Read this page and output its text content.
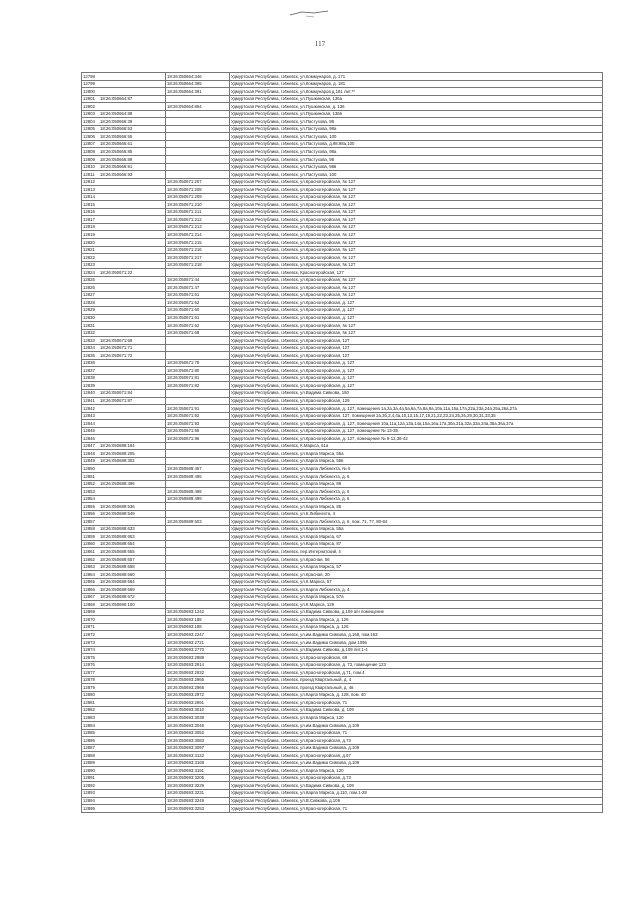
117
12798	18:26:050664:346	Удмуртская Республика, г.Ижевск, ул.Коммунаров, д. 171
12799	18:26:050664:395	Удмуртская Республика, г.Ижевск, ул.Коммунаров, д. 181
12800	18:26:050664:391	Удмуртская Республика, г.Ижевск, ул.Коммунаров д.181 лит.**
12801 18:26:050664:87		Удмуртская Республика, г.Ижевск, ул.Пушкинская, 136а
12802	18:26:050664:864	Удмуртская Республика, г.Ижевск, ул.Пушкинская, д. 136
12803 18:26:050664:88		Удмуртская Республика, г.Ижевск, ул.Пушкинская, 136в
12804 18:26:050666:39		Удмуртская Республика, г.Ижевск, ул.Пастухова, 98
12805 18:26:050666:53		Удмуртская Республика, г.Ижевск, ул.Пастухова, 98а
12806 18:26:050666:55		Удмуртская Республика, г.Ижевск, ул.Пастухова, 100
12807 18:26:050666:61		Удмуртская Республика, г.Ижевск, ул.Пастухова, д.98,98а,100
12808 18:26:050666:85		Удмуртская Республика, г.Ижевск, ул.Пастухова, 98а
12809 18:26:050666:89		Удмуртская Республика, г.Ижевск, ул.Пастухова, 98
12810 18:26:050666:91		Удмуртская Республика, г.Ижевск, ул.Пастухова, 98в
12811 18:26:050666:93		Удмуртская Республика, г.Ижевск, ул.Пастухова, 100
12812	18:26:050671:207	Удмуртская Республика, г.Ижевск, ул.Красногеройская, № 127
12813	18:26:050671:208	Удмуртская Республика, г.Ижевск, ул.Красногеройская, № 127
12814	18:26:050671:209	Удмуртская Республика, г.Ижевск, ул.Красногеройская, № 127
12815	18:26:050671:210	Удмуртская Республика, г.Ижевск, ул.Красногеройская, № 127
12816	18:26:050671:211	Удмуртская Республика, г.Ижевск, ул.Красногеройская, № 127
12817	18:26:050671:212	Удмуртская Республика, г.Ижевск, ул.Красногеройская, № 127
12818	18:26:050671:213	Удмуртская Республика, г.Ижевск, ул.Красногеройская, № 127
12819	18:26:050671:214	Удмуртская Республика, г.Ижевск, ул.Красногеройская, № 127
12820	18:26:050671:215	Удмуртская Республика, г.Ижевск, ул.Красногеройская, № 127
12821	18:26:050671:216	Удмуртская Республика, г.Ижевск, ул.Красногеройская, № 127
12822	18:26:050671:217	Удмуртская Республика, г.Ижевск, ул.Красногеройская, № 127
12823	18:26:050671:218	Удмуртская Республика, г.Ижевск, ул.Красногеройская, № 127
12824 18:26:050671:22		Удмуртская Республика, г.Ижевск, Красногеройская, 127
12825	18:26:050671:44	Удмуртская Республика, г.Ижевск, ул.Красногеройская, № 127
12826	18:26:050671:47	Удмуртская Республика, г.Ижевск, ул.Красногеройская, № 127
12827	18:26:050671:51	Удмуртская Республика, г.Ижевск, ул.Красногеройская, № 127
12828	18:26:050671:52	Удмуртская Республика, г.Ижевск, ул.Красногеройская, д. 127
12829	18:26:050671:60	Удмуртская Республика, г.Ижевск, ул.Красногеройская, д. 127
12830	18:26:050671:61	Удмуртская Республика, г.Ижевск, ул.Красногеройская, д. 127
12831	18:26:050671:62	Удмуртская Республика, г.Ижевск, ул.Красногеройская, № 127
12832	18:26:050671:68	Удмуртская Республика, г.Ижевск, ул.Красногеройская, № 127
12833 18:26:050671:69		Удмуртская Республика, г.Ижевск, ул.Красногеройская, 127
12834 18:26:050671:71		Удмуртская Республика, г.Ижевск, ул.Красногеройская, 127
12835 18:26:050671:72		Удмуртская Республика, г.Ижевск, ул.Красногеройская, 127
12836	18:26:050671:78	Удмуртская Республика, г.Ижевск, ул.Красногеройская, д. 127
12837	18:26:050671:80	Удмуртская Республика, г.Ижевск, ул.Красногеройская, д. 127
12838	18:26:050671:81	Удмуртская Республика, г.Ижевск, ул.Красногеройская, д. 127
12839	18:26:050671:82	Удмуртская Республика, г.Ижевск, ул.Красногеройская, д. 127
12840 18:26:050671:84		Удмуртская Республика, г.Ижевск, ул.Вадима Сивкова, 150
12841 18:26:050671:87		Удмуртская Республика, г.Ижевск, ул.Красногеройская, 129
12842	18:26:050671:91	Удмуртская Республика, г.Ижевск, ул.Красногеройская, д. 127, помещения 1а,2а,3а,4а,5а,6а,7а,8а,9а,10а,11а,15а,17а,22а,23а,24а,25а,26а,27а
12843	18:26:050671:92	Удмуртская Республика, г.Ижевск, ул.Красногеройская, 127, помещения 2а,3б,3,4,4а,10,13,15,17,19,21,22,23,24,25,26,29,30,31,33,35
12844	18:26:050671:93	Удмуртская Республика, г.Ижевск, ул.Красногеройская, д. 127, помещения 10а,11а,12а,13а,14а,15а,16а,17а,30а,31а,32а,33а,34а,35а,36а,37а
12845	18:26:050671:95	Удмуртская Республика, г.Ижевск, ул.Красногеройская, д. 127, помещение № 13-35
12846	18:26:050671:96	Удмуртская Республика, г.Ижевск, ул.Красногеройская, д. 127, помещение № 9-12,36-42
12847 18:26:050689:184		Удмуртская Республика, г.Ижевск, К.Маркса, 61а
12848 18:26:050689:205		Удмуртская Республика, г.Ижевск, ул.Карла Маркса, 55а
12849 18:26:050689:302		Удмуртская Республика, г.Ижевск, ул.Карла Маркса, 55в
12850	18:26:050689:457	Удмуртская Республика, г.Ижевск, ул.Карла Либкнехта, № 6
12851	18:26:050689:495	Удмуртская Республика, г.Ижевск, ул.Карла Либкнехта, д. 6
12852 18:26:050689:496		Удмуртская Республика, г.Ижевск, ул.Карла Маркса, 89
12853	18:26:050689:498	Удмуртская Республика, г.Ижевск, ул.Карла Либкнехта, д. 6
12854	18:26:050689:499	Удмуртская Республика, г.Ижевск, ул.Карла Либкнехта, д. 6
12855 18:26:050689:536		Удмуртская Республика, г.Ижевск, ул.Карла Маркса, 85
12856 18:26:050689:549		Удмуртская Республика, г.Ижевск, ул.К.Либкнехта, 4
12857	18:26:050689:603	Удмуртская Республика, г.Ижевск, ул.Карла Либкнехта, д. 6, пом. 71, 77, 80-84
12858 18:26:050689:633		Удмуртская Республика, г.Ижевск, ул.Карла Маркса, 55а
12859 18:26:050689:653		Удмуртская Республика, г.Ижевск, ул.Карла Маркса, 67
12860 18:26:050689:654		Удмуртская Республика, г.Ижевск, ул.Карла Маркса, 87
12861 18:26:050689:655		Удмуртская Республика, г.Ижевск, пер.Интернатский, 4
12862 18:26:050689:657		Удмуртская Республика, г.Ижевск, ул.Красная, 56
12863 18:26:050689:658		Удмуртская Республика, г.Ижевск, ул.Карла Маркса, 57
12864 18:26:050689:660		Удмуртская Республика, г.Ижевск, ул.Красная, 20
12865 18:26:050689:664		Удмуртская Республика, г.Ижевск, ул.К.Маркса, 57
12866 18:26:050689:669		Удмуртская Республика, г.Ижевск, ул.Карла Либкнехта, д. 4
12867 18:26:050689:672		Удмуртская Республика, г.Ижевск, ул.Карла Маркса, 57а
12868 18:26:050690:100		Удмуртская Республика, г.Ижевск, ул.К.Маркса, 129
12869	18:26:050693:1242	Удмуртская Республика, г.Ижевск, ул.Вадима Сивкова, д.109 а/н помещение
12870	18:26:050693:188	Удмуртская Республика, г.Ижевск, ул.Карла Маркса, д. 126
12871	18:26:050693:188	Удмуртская Республика, г.Ижевск, ул.Карла Маркса, д. 126
12872	18:26:050693:2247	Удмуртская Республика, г.Ижевск, ул.им.Вадима Сивкова, д.168, пом.163
12873	18:26:050693:2721	Удмуртская Республика, г.Ижевск, ул.им.Вадима Сивкова, дом 109в
12874	18:26:050693:2770	Удмуртская Республика, г.Ижевск, ул.Вадима Сивкова, д.109 лит.1-4
12875	18:26:050693:2888	Удмуртская Республика, г.Ижевск, ул.Красногеройская, 69
12876	18:26:050693:2914	Удмуртская Республика, г.Ижевск, ул.Красногеройская, д. 73, помещение 123
12877	18:26:050693:2932	Удмуртская Республика, г.Ижевск, ул.Красногеройская, д.71, пом.4
12878	18:26:050693:2965	Удмуртская Республика, г.Ижевск, проезд Квартальный, д. 4
12879	18:26:050693:2966	Удмуртская Республика, г.Ижевск, проезд Квартальный, д. 4в
12880	18:26:050693:2972	Удмуртская Республика, г.Ижевск, ул.Карла Маркса, д. 128, пом. 40
12881	18:26:050693:2991	Удмуртская Республика, г.Ижевск, ул.Красногеройская, 71
12882	18:26:050693:3010	Удмуртская Республика, г.Ижевск, ул.Вадима Сивкова, д. 109
12883	18:26:050693:3039	Удмуртская Республика, г.Ижевск, ул.Карла Маркса, 120
12884	18:26:050693:3046	Удмуртская Республика, г.Ижевск, ул.им.Вадима Сивкова, д.109
12885	18:26:050693:3052	Удмуртская Республика, г.Ижевск, ул.Красногеройская, 71
12886	18:26:050693:3083	Удмуртская Республика, г.Ижевск, ул.Красногеройская, д.73
12887	18:26:050693:3097	Удмуртская Республика, г.Ижевск, ул.им.Вадима Сивкова, д.109
12888	18:26:050693:3122	Удмуртская Республика, г.Ижевск, ул.Красногеройская, д.67
12889	18:26:050693:3168	Удмуртская Республика, г.Ижевск, ул.им.Вадима Сивкова, д.109
12890	18:26:050693:3191	Удмуртская Республика, г.Ижевск, ул.Карла Маркса, 120
12891	18:26:050693:3205	Удмуртская Республика, г.Ижевск, ул.Красногеройская, д.73
12892	18:26:050693:3229	Удмуртская Республика, г.Ижевск, ул.Вадима Сивкова, д. 109
12893	18:26:050693:3231	Удмуртская Республика, г.Ижевск, ул.Карла Маркса, д.110, пом.1-28
12894	18:26:050693:3249	Удмуртская Республика, г.Ижевск, ул.В.Сивкова, д.109
12895	18:26:050693:3253	Удмуртская Республика, г.Ижевск, ул.Красногеройская, 71
